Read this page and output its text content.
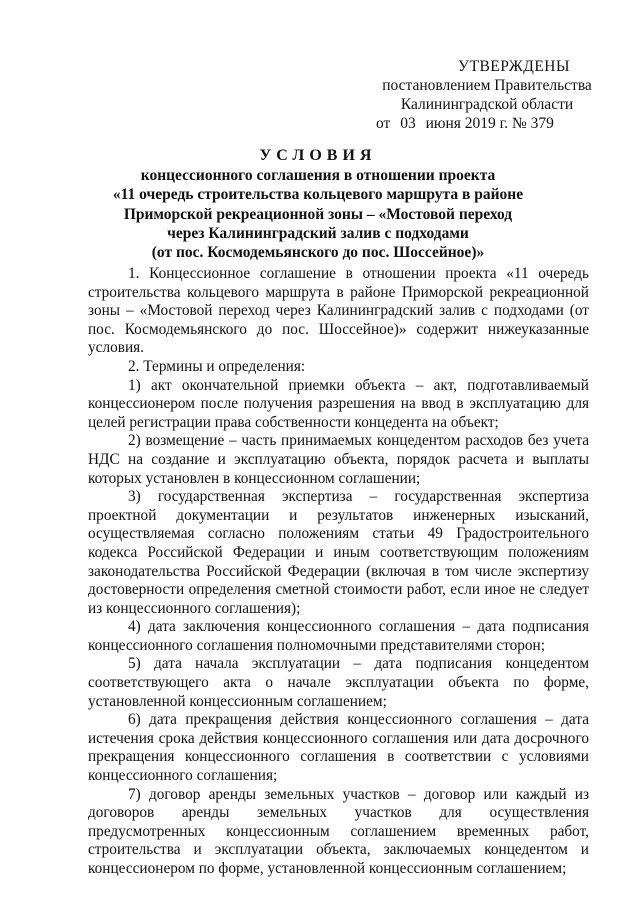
УТВЕРЖДЕНЫ
постановлением Правительства
Калининградской области
от 03 июня 2019 г. № 379
УСЛОВИЯ
концессионного соглашения в отношении проекта
«11 очередь строительства кольцевого маршрута в районе
Приморской рекреационной зоны – «Мостовой переход
через Калининградский залив с подходами
(от пос. Космодемьянского до пос. Шоссейное)»

1. Концессионное соглашение в отношении проекта «11 очередь строительства кольцевого маршрута в районе Приморской рекреационной зоны – «Мостовой переход через Калининградский залив с подходами (от пос. Космодемьянского до пос. Шоссейное)» содержит нижеуказанные условия.

2. Термины и определения:

1) акт окончательной приемки объекта – акт, подготавливаемый концессионером после получения разрешения на ввод в эксплуатацию для целей регистрации права собственности концедента на объект;

2) возмещение – часть принимаемых концедентом расходов без учета НДС на создание и эксплуатацию объекта, порядок расчета и выплаты которых установлен в концессионном соглашении;

3) государственная экспертиза – государственная экспертиза проектной документации и результатов инженерных изысканий, осуществляемая согласно положениям статьи 49 Градостроительного кодекса Российской Федерации и иным соответствующим положениям законодательства Российской Федерации (включая в том числе экспертизу достоверности определения сметной стоимости работ, если иное не следует из концессионного соглашения);

4) дата заключения концессионного соглашения – дата подписания концессионного соглашения полномочными представителями сторон;

5) дата начала эксплуатации – дата подписания концедентом соответствующего акта о начале эксплуатации объекта по форме, установленной концессионным соглашением;

6) дата прекращения действия концессионного соглашения – дата истечения срока действия концессионного соглашения или дата досрочного прекращения концессионного соглашения в соответствии с условиями концессионного соглашения;

7) договор аренды земельных участков – договор или каждый из договоров аренды земельных участков для осуществления предусмотренных концессионным соглашением временных работ, строительства и эксплуатации объекта, заключаемых концедентом и концессионером по форме, установленной концессионным соглашением;
